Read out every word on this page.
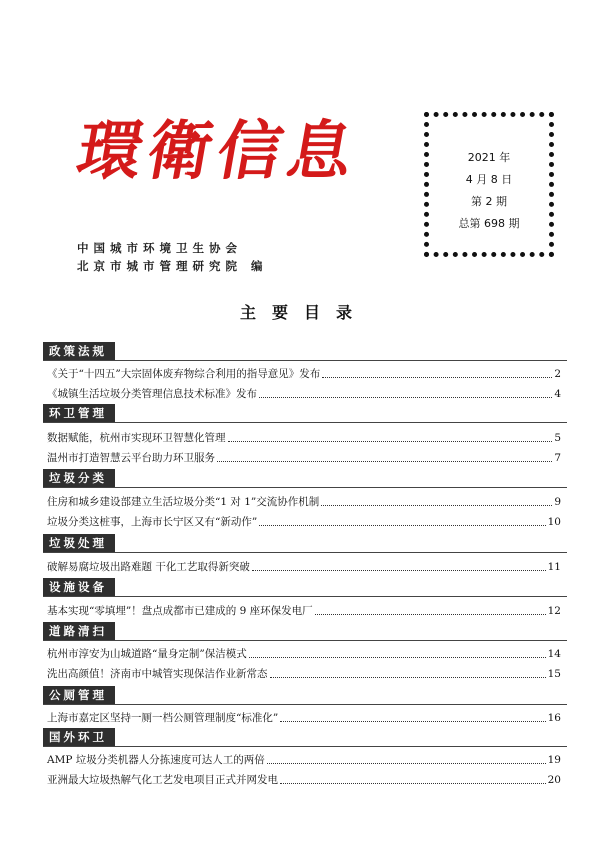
環衛信息	2021 年
4 月 8 日
第 2 期
总第 698 期
中国城市环境卫生协会
北京市城市管理研究院 编
主要目录
政策法规
《关于“十四五”大宗固体废弃物综合利用的指导意见》发布	2
《城镇生活垃圾分类管理信息技术标准》发布	4
环卫管理
数据赋能，杭州市实现环卫智慧化管理	5
温州市打造智慧云平台助力环卫服务	7
垃圾分类
住房和城乡建设部建立生活垃圾分类“1 对 1”交流协作机制	9
垃圾分类这桩事，上海市长宁区又有“新动作”	10
垃圾处理
破解易腐垃圾出路难题 干化工艺取得新突破	11
设施设备
基本实现“零填埋”！盘点成都市已建成的 9 座环保发电厂	12
道路清扫
杭州市淳安为山城道路“量身定制”保洁模式	14
洗出高颜值！济南市中城管实现保洁作业新常态	15
公厕管理
上海市嘉定区坚持一厕一档公厕管理制度“标准化”	16
国外环卫
AMP 垃圾分类机器人分拣速度可达人工的两倍	19
亚洲最大垃圾热解气化工艺发电项目正式并网发电	20
